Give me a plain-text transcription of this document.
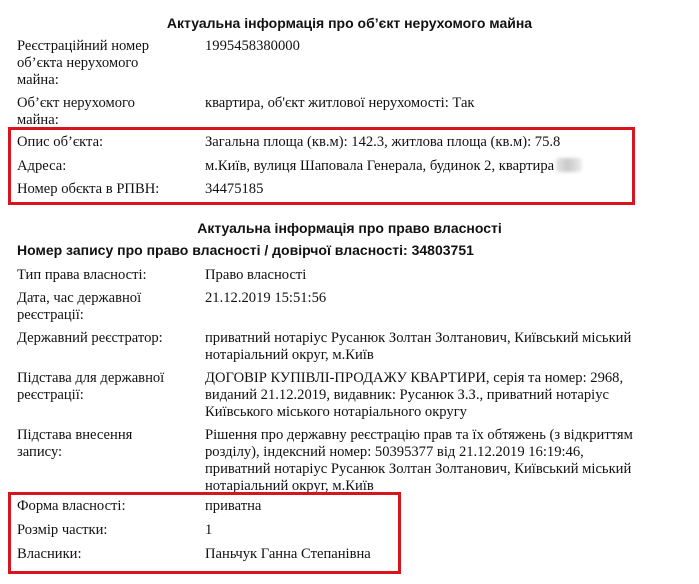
Актуальна інформація про об’єкт нерухомого майна
Реєстраційний номер
об’єкта нерухомого
майна:
1995458380000
Об’єкт нерухомого
майна:
квартира, об'єкт житлової нерухомості: Так
Опис об’єкта:	Загальна площа (кв.м): 142.3, житлова площа (кв.м): 75.8
Адреса:	м.Київ, вулиця Шаповала Генерала, будинок 2, квартира
Номер обєкта в РПВН:	34475185
Актуальна інформація про право власності
Номер запису про право власності / довірчої власності: 34803751
Тип права власності:	Право власності
Дата, час державної
реєстрації:
21.12.2019 15:51:56
Державний реєстратор:	приватний нотаріус Русанюк Золтан Золтанович, Київський міський
нотаріальний округ, м.Київ
Підстава для державної
реєстрації:
ДОГОВІР КУПІВЛІ-ПРОДАЖУ КВАРТИРИ, серія та номер: 2968,
виданий 21.12.2019, видавник: Русанюк З.З., приватний нотаріус
Київського міського нотаріального округу
Підстава внесення
запису:
Рішення про державну реєстрацію прав та їх обтяжень (з відкриттям
розділу), індексний номер: 50395377 від 21.12.2019 16:19:46,
приватний нотаріус Русанюк Золтан Золтанович, Київський міський
нотаріальний округ, м.Київ
Форма власності:	приватна
Розмір частки:	1
Власники:	Паньчук Ганна Степанівна
